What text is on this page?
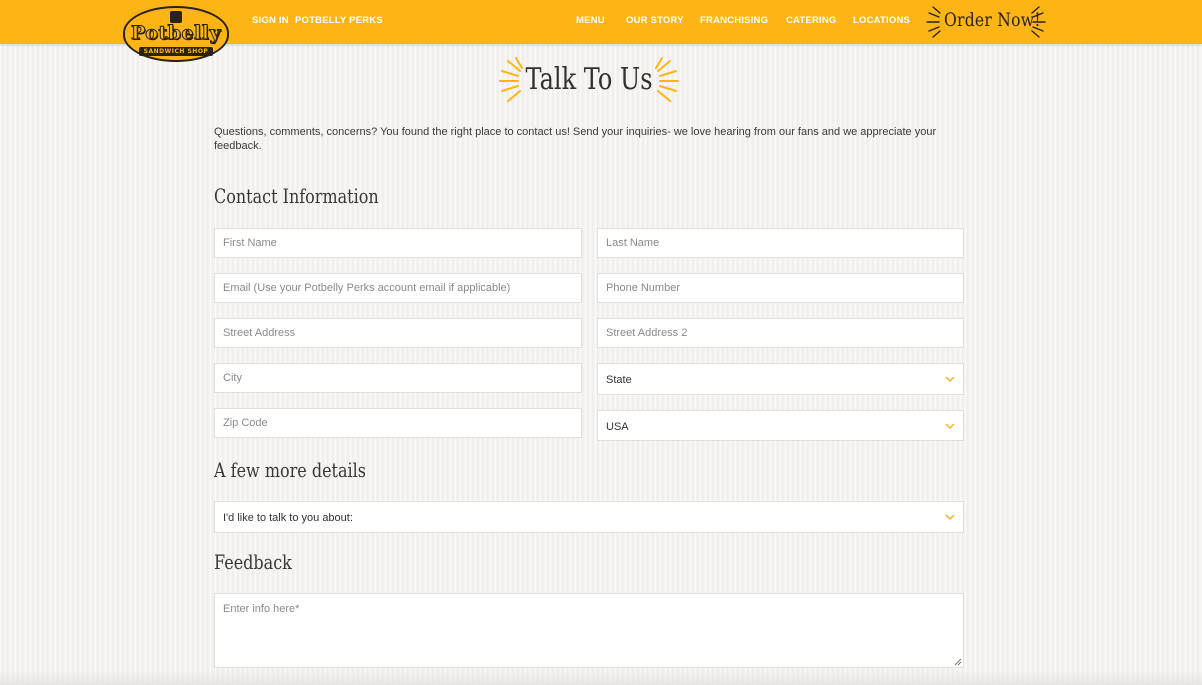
Potbelly
SANDWICH SHOP
SIGN IN POTBELLY PERKS	MENU OUR STORY FRANCHISING CATERING LOCATIONS Order Now!
Talk To Us

Questions, comments, concerns? You found the right place to contact us! Send your inquiries- we love hearing from our fans and we appreciate your feedback.

Contact Information
First Name
Last Name
Email (Use your Potbelly Perks account email if applicable)
Phone Number
Street Address
Street Address 2
City
State
Zip Code
USA
A few more details
I'd like to talk to you about:
Feedback
Enter info here*
